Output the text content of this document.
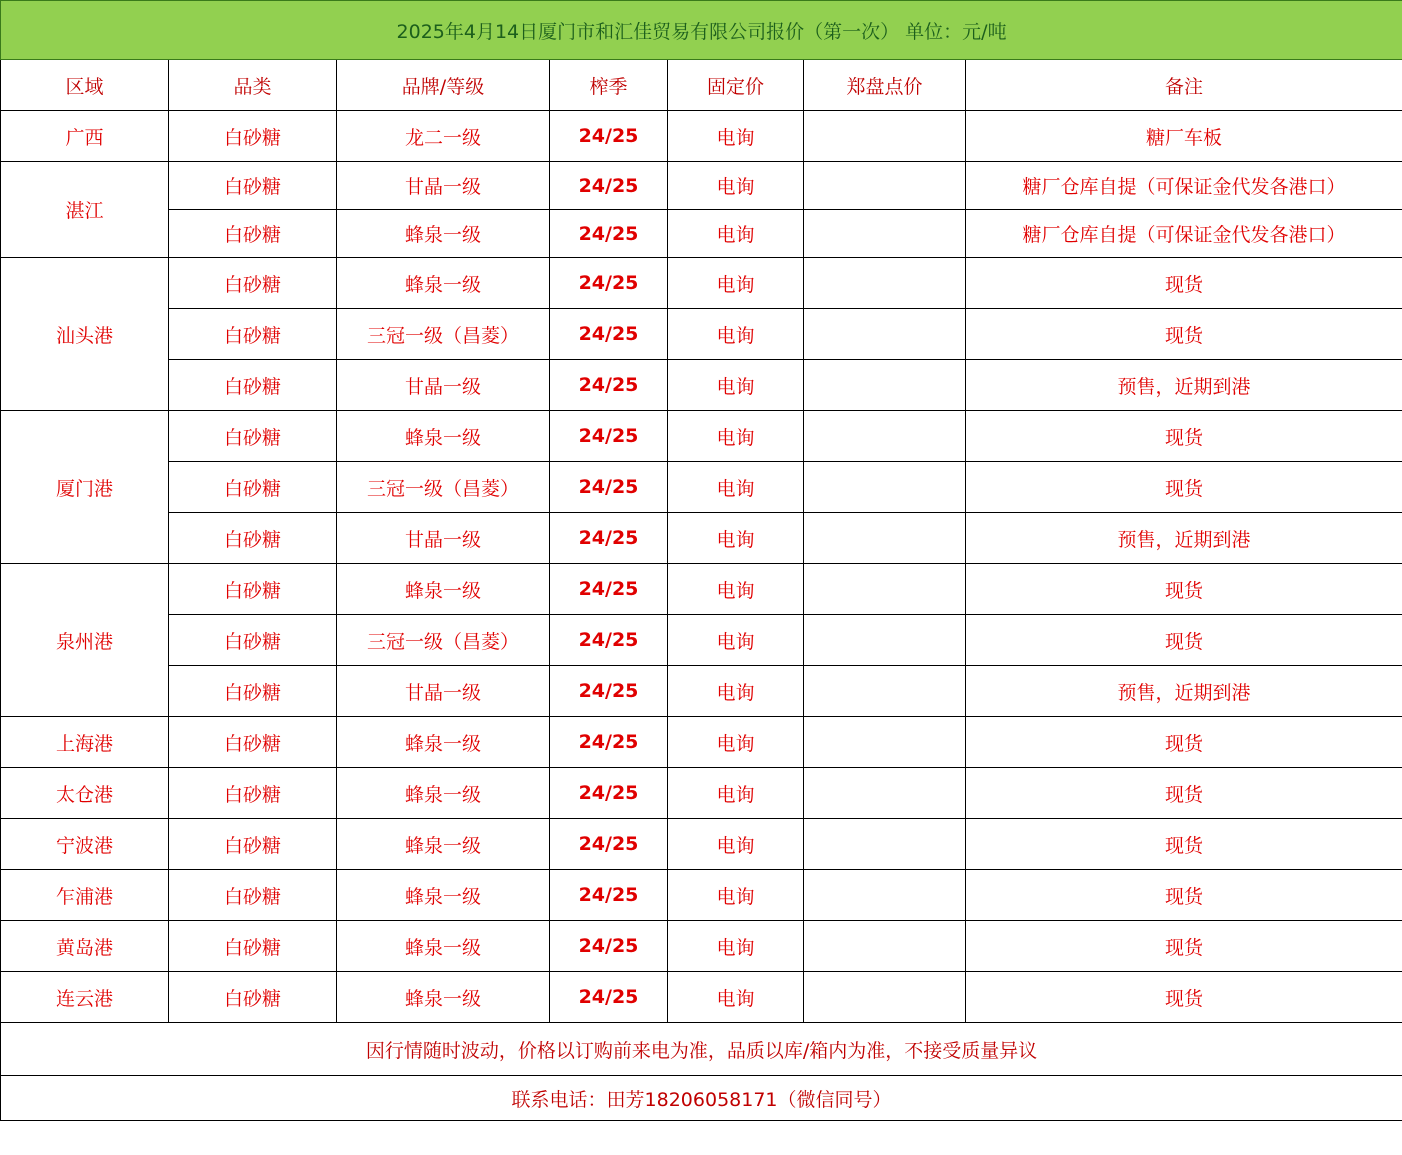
2025年4月14日厦门市和汇佳贸易有限公司报价（第一次） 单位：元/吨						
区域	品类	品牌/等级	榨季	固定价	郑盘点价	备注
广西	白砂糖	龙二一级	24/25	电询		糖厂车板
湛江	白砂糖	甘晶一级	24/25	电询		糖厂仓库自提（可保证金代发各港口）
	白砂糖	蜂泉一级	24/25	电询		糖厂仓库自提（可保证金代发各港口）
汕头港	白砂糖	蜂泉一级	24/25	电询		现货
	白砂糖	三冠一级（昌菱）	24/25	电询		现货
	白砂糖	甘晶一级	24/25	电询		预售，近期到港
厦门港	白砂糖	蜂泉一级	24/25	电询		现货
	白砂糖	三冠一级（昌菱）	24/25	电询		现货
	白砂糖	甘晶一级	24/25	电询		预售，近期到港
泉州港	白砂糖	蜂泉一级	24/25	电询		现货
	白砂糖	三冠一级（昌菱）	24/25	电询		现货
	白砂糖	甘晶一级	24/25	电询		预售，近期到港
上海港	白砂糖	蜂泉一级	24/25	电询		现货
太仓港	白砂糖	蜂泉一级	24/25	电询		现货
宁波港	白砂糖	蜂泉一级	24/25	电询		现货
乍浦港	白砂糖	蜂泉一级	24/25	电询		现货
黄岛港	白砂糖	蜂泉一级	24/25	电询		现货
连云港	白砂糖	蜂泉一级	24/25	电询		现货
因行情随时波动，价格以订购前来电为准，品质以库/箱内为准，不接受质量异议						
联系电话：田芳18206058171（微信同号）						
